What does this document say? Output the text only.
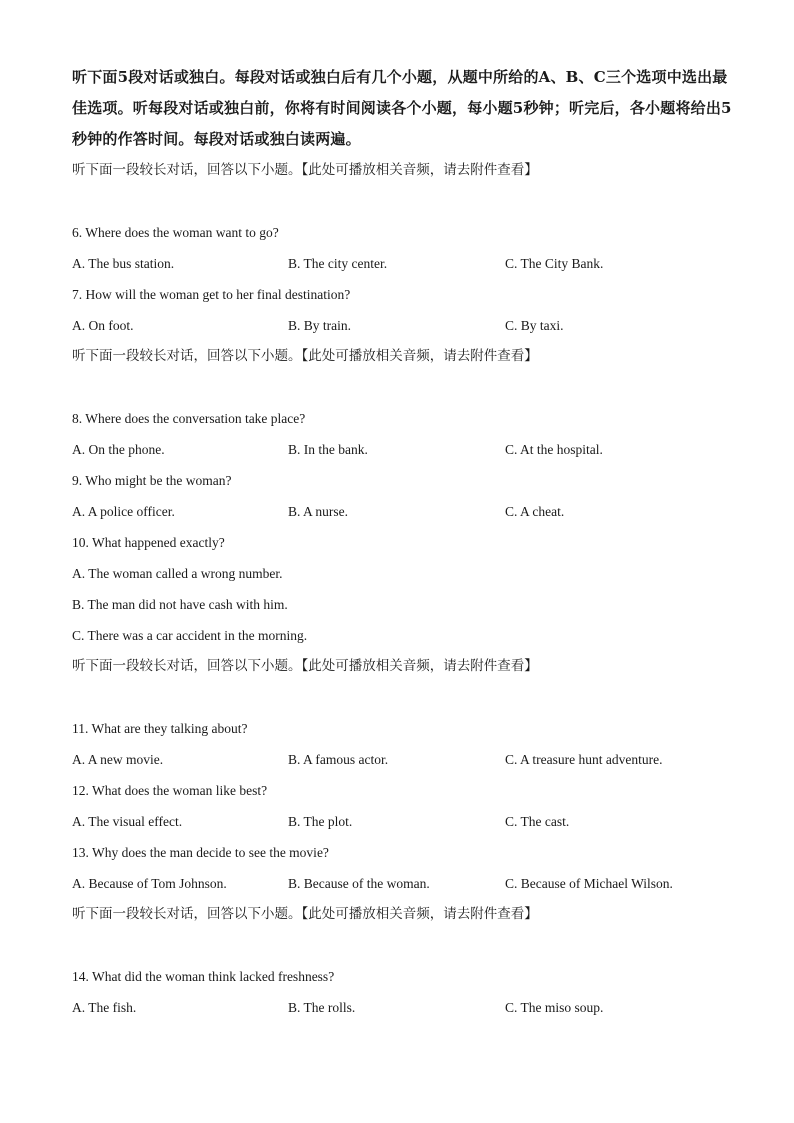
听下面5段对话或独白。每段对话或独白后有几个小题，从题中所给的A、B、C三个选项中选出最佳选项。听每段对话或独白前，你将有时间阅读各个小题，每小题5秒钟；听完后，各小题将给出5秒钟的作答时间。每段对话或独白读两遍。

听下面一段较长对话，回答以下小题。【此处可播放相关音频，请去附件查看】

6. Where does the woman want to go?

A. The bus station.	B. The city center.	C. The City Bank.

7. How will the woman get to her final destination?

A. On foot.	B. By train.	C. By taxi.

听下面一段较长对话，回答以下小题。【此处可播放相关音频，请去附件查看】

8. Where does the conversation take place?

A. On the phone.	B. In the bank.	C. At the hospital.

9. Who might be the woman?

A. A police officer.	B. A nurse.	C. A cheat.

10. What happened exactly?

A. The woman called a wrong number.

B. The man did not have cash with him.

C. There was a car accident in the morning.

听下面一段较长对话，回答以下小题。【此处可播放相关音频，请去附件查看】

11. What are they talking about?

A. A new movie.	B. A famous actor.	C. A treasure hunt adventure.

12. What does the woman like best?

A. The visual effect.	B. The plot.	C. The cast.

13. Why does the man decide to see the movie?

A. Because of Tom Johnson.	B. Because of the woman.	C. Because of Michael Wilson.

听下面一段较长对话，回答以下小题。【此处可播放相关音频，请去附件查看】

14. What did the woman think lacked freshness?

A. The fish.	B. The rolls.	C. The miso soup.
